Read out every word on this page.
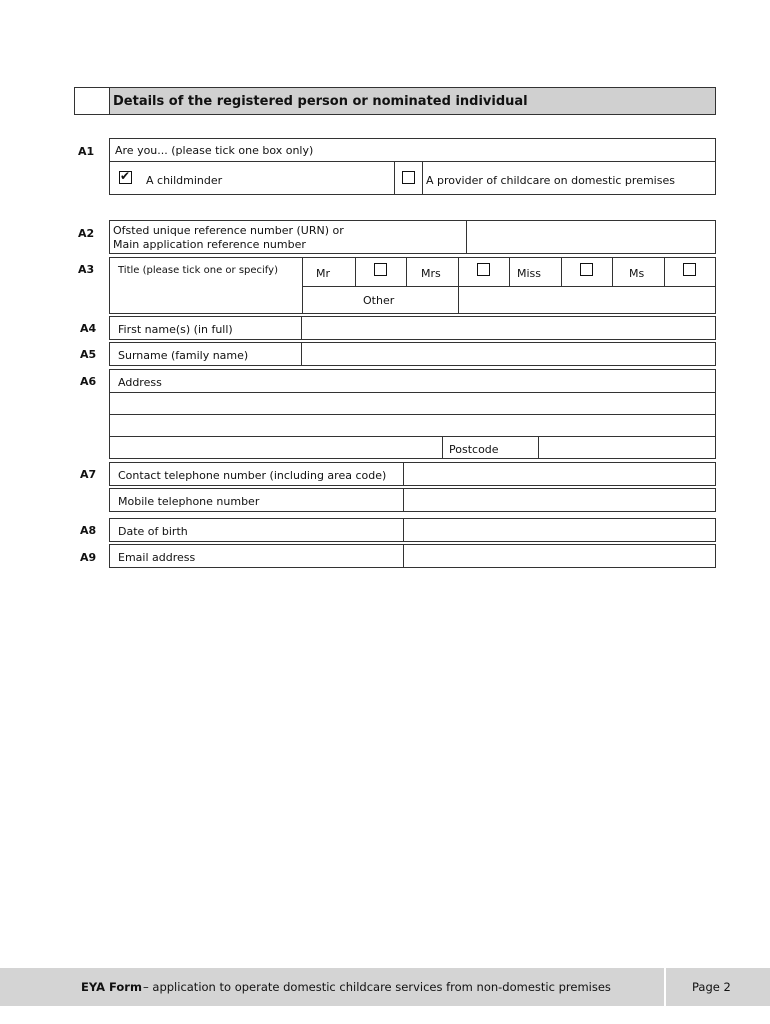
Details of the registered person or nominated individual
A1 Are you... (please tick one box only)
✔
A childminder	A provider of childcare on domestic premises
A2 Ofsted unique reference number (URN) or
Main application reference number
A3 Title (please tick one or specify)	Mr	Mrs	Miss	Ms
Other
A4 First name(s) (in full)
A5 Surname (family name)
A6 Address
Postcode
A7 Contact telephone number (including area code)
Mobile telephone number
A8 Date of birth
A9 Email address
EYA Form – application to operate domestic childcare services from non-domestic premises	Page 2
